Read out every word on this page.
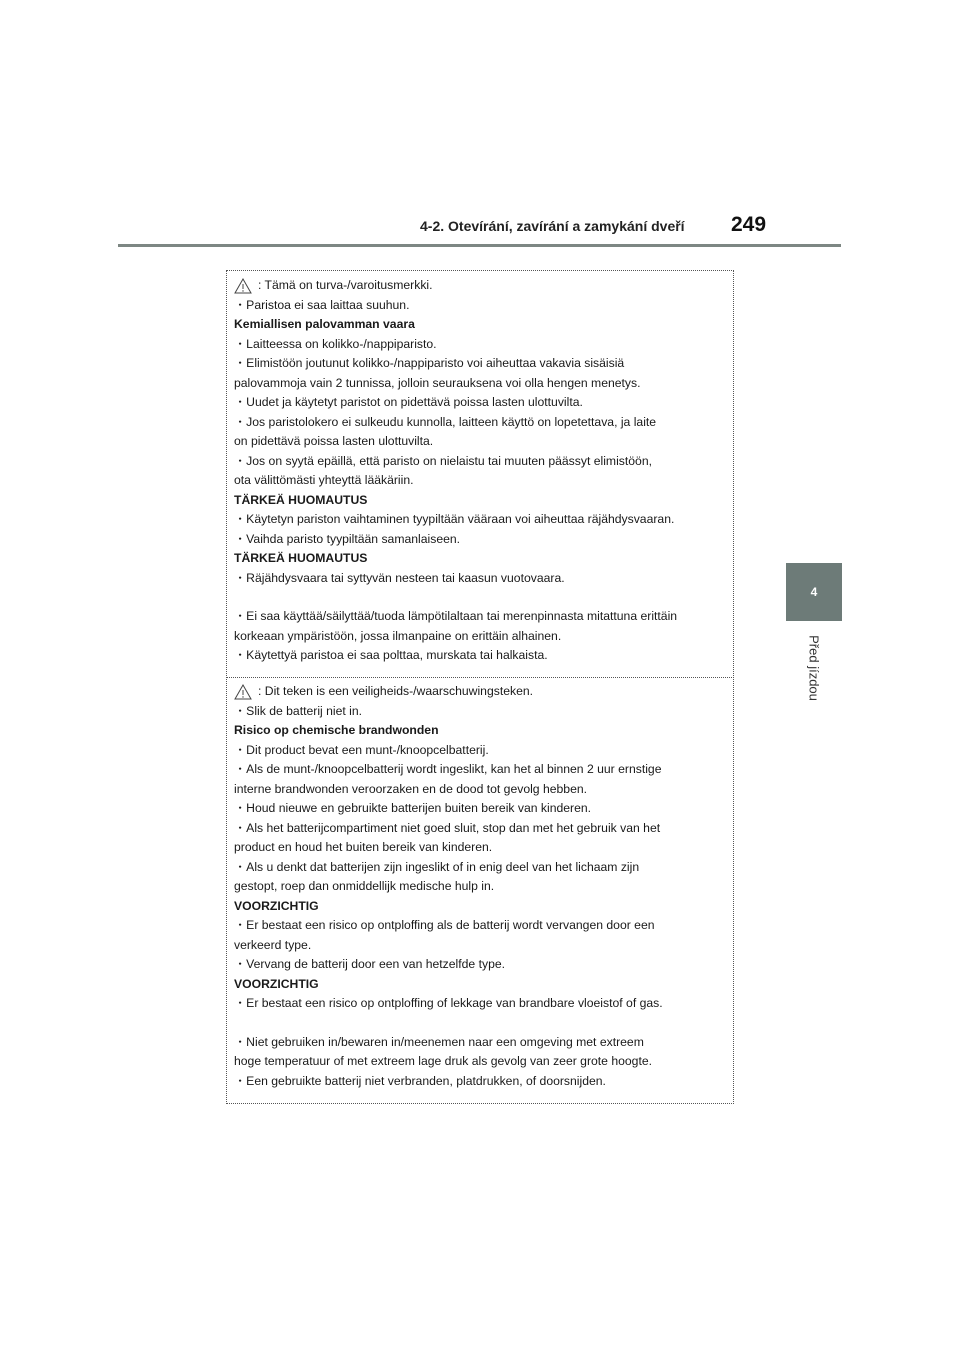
4-2. Otevírání, zavírání a zamykání dveří 249
4
Před jízdou
: Tämä on turva-/varoitusmerkki.
・Paristoa ei saa laittaa suuhun.
Kemiallisen palovamman vaara
・Laitteessa on kolikko-/nappiparisto.
・Elimistöön joutunut kolikko-/nappiparisto voi aiheuttaa vakavia sisäisiä
palovammoja vain 2 tunnissa, jolloin seurauksena voi olla hengen menetys.
・Uudet ja käytetyt paristot on pidettävä poissa lasten ulottuvilta.
・Jos paristolokero ei sulkeudu kunnolla, laitteen käyttö on lopetettava, ja laite
on pidettävä poissa lasten ulottuvilta.
・Jos on syytä epäillä, että paristo on nielaistu tai muuten päässyt elimistöön,
ota välittömästi yhteyttä lääkäriin.
TÄRKEÄ HUOMAUTUS
・Käytetyn pariston vaihtaminen tyypiltään vääraan voi aiheuttaa räjähdysvaaran.
・Vaihda paristo tyypiltään samanlaiseen.
TÄRKEÄ HUOMAUTUS
・Räjähdysvaara tai syttyvän nesteen tai kaasun vuotovaara.
・Ei saa käyttää/säilyttää/tuoda lämpötilaltaan tai merenpinnasta mitattuna erittäin
korkeaan ympäristöön, jossa ilmanpaine on erittäin alhainen.
・Käytettyä paristoa ei saa polttaa, murskata tai halkaista.
: Dit teken is een veiligheids-/waarschuwingsteken.
・Slik de batterij niet in.
Risico op chemische brandwonden
・Dit product bevat een munt-/knoopcelbatterij.
・Als de munt-/knoopcelbatterij wordt ingeslikt, kan het al binnen 2 uur ernstige
interne brandwonden veroorzaken en de dood tot gevolg hebben.
・Houd nieuwe en gebruikte batterijen buiten bereik van kinderen.
・Als het batterijcompartiment niet goed sluit, stop dan met het gebruik van het
product en houd het buiten bereik van kinderen.
・Als u denkt dat batterijen zijn ingeslikt of in enig deel van het lichaam zijn
gestopt, roep dan onmiddellijk medische hulp in.
VOORZICHTIG
・Er bestaat een risico op ontploffing als de batterij wordt vervangen door een
verkeerd type.
・Vervang de batterij door een van hetzelfde type.
VOORZICHTIG
・Er bestaat een risico op ontploffing of lekkage van brandbare vloeistof of gas.
・Niet gebruiken in/bewaren in/meenemen naar een omgeving met extreem
hoge temperatuur of met extreem lage druk als gevolg van zeer grote hoogte.
・Een gebruikte batterij niet verbranden, platdrukken, of doorsnijden.
